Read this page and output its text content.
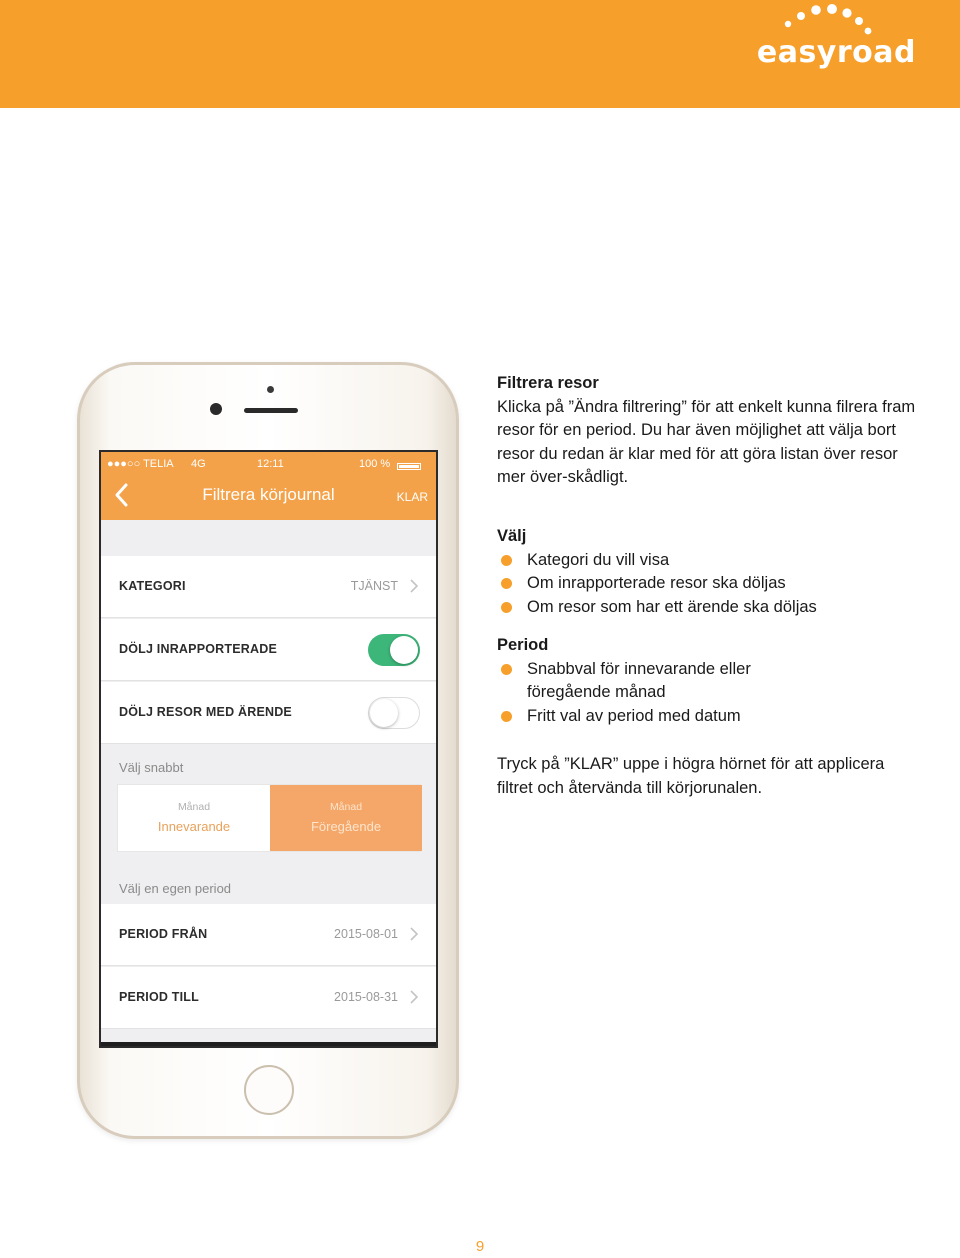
easyroad
●●●○○ TELIA 4G	12:11	100 %
Filtrera körjournal	KLAR
KATEGORI	TJÄNST
DÖLJ INRAPPORTERADE
DÖLJ RESOR MED ÄRENDE
Välj snabbt
Månad
Innevarande
Månad
Föregående
Välj en egen period
PERIOD FRÅN	2015-08-01
PERIOD TILL	2015-08-31
Filtrera resor
Klicka på ”Ändra filtrering” för att enkelt kunna filrera fram resor för en period. Du har även möjlighet att välja bort resor du redan är klar med för att göra listan över resor mer över-skådligt.
Välj
Kategori du vill visa
Om inrapporterade resor ska döljas
Om resor som har ett ärende ska döljas
Period
Snabbval för innevarande eller föregående månad
Fritt val av period med datum
Tryck på ”KLAR” uppe i högra hörnet för att applicera filtret och återvända till körjorunalen.
9
